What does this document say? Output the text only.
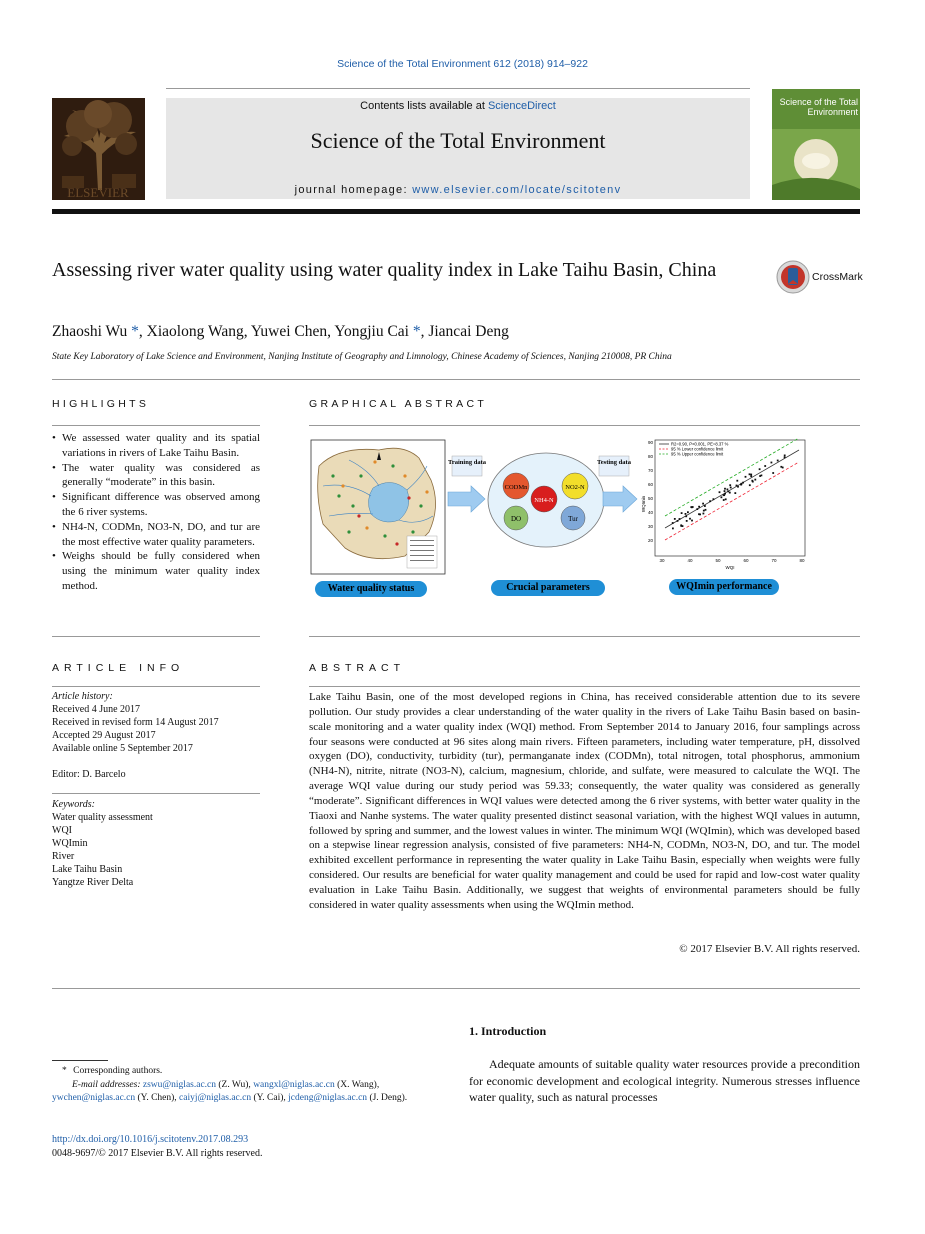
Science of the Total Environment 612 (2018) 914–922
ELSEVIER
Contents lists available at ScienceDirect
Science of the Total Environment
journal homepage: www.elsevier.com/locate/scitotenv
Science of the Total Environment
Assessing river water quality using water quality index in Lake Taihu Basin, China	CrossMark
Zhaoshi Wu *, Xiaolong Wang, Yuwei Chen, Yongjiu Cai *, Jiancai Deng
State Key Laboratory of Lake Science and Environment, Nanjing Institute of Geography and Limnology, Chinese Academy of Sciences, Nanjing 210008, PR China
HIGHLIGHTS
• We assessed water quality and its spatial variations in rivers of Lake Taihu Basin.
• The water quality was considered as generally “moderate” in this basin.
• Significant difference was observed among the 6 river systems.
• NH4-N, CODMn, NO3-N, DO, and tur are the most effective water quality parameters.
• Weighs should be fully considered when using the minimum water quality index method.
GRAPHICAL ABSTRACT
Training data
CODMn	NO2-N
NH4-N
DO	Tur
Testing data
R2=0.90, P<0.001, PE=8.37 %
95 % Lower confidence limit
95 % Upper confidence limit
30	40	50	60	70	80
WQI
90
80
70
60
50
40
30
20
WQImin
Water quality status	Crucial parameters	WQImin performance
ARTICLE INFO
Article history:
Received 4 June 2017
Received in revised form 14 August 2017
Accepted 29 August 2017
Available online 5 September 2017
Editor: D. Barcelo
Keywords:
Water quality assessment
WQI
WQImin
River
Lake Taihu Basin
Yangtze River Delta
ABSTRACT
Lake Taihu Basin, one of the most developed regions in China, has received considerable attention due to its severe pollution. Our study provides a clear understanding of the water quality in the rivers of Lake Taihu Basin based on basin-scale monitoring and a water quality index (WQI) method. From September 2014 to January 2016, four samplings across four seasons were conducted at 96 sites along main rivers. Fifteen parameters, including water temperature, pH, dissolved oxygen (DO), conductivity, turbidity (tur), permanganate index (CODMn), total nitrogen, total phosphorus, ammonium (NH4-N), nitrite, nitrate (NO3-N), calcium, magnesium, chloride, and sulfate, were measured to calculate the WQI. The average WQI value during our study period was 59.33; consequently, the water quality was considered as generally “moderate”. Significant differences in WQI values were detected among the 6 river systems, with better water quality in the Tiaoxi and Nanhe systems. The water quality presented distinct seasonal variation, with the highest WQI values in autumn, followed by spring and summer, and the lowest values in winter. The minimum WQI (WQImin), which was developed based on a stepwise linear regression analysis, consisted of five parameters: NH4-N, CODMn, NO3-N, DO, and tur. The model exhibited excellent performance in representing the water quality in Lake Taihu Basin, especially when weights were fully considered. Our results are beneficial for water quality management and could be used for rapid and low-cost water quality evaluation in Lake Taihu Basin. Additionally, we suggest that weights of environmental parameters should be fully considered in water quality assessments when using the WQImin method.
© 2017 Elsevier B.V. All rights reserved.
1. Introduction
Adequate amounts of suitable quality water resources provide a precondition for economic development and ecological integrity. Numerous stresses influence water quality, such as natural processes
* Corresponding authors.
E-mail addresses: zswu@niglas.ac.cn (Z. Wu), wangxl@niglas.ac.cn (X. Wang),
ywchen@niglas.ac.cn (Y. Chen), caiyj@niglas.ac.cn (Y. Cai), jcdeng@niglas.ac.cn (J. Deng).
http://dx.doi.org/10.1016/j.scitotenv.2017.08.293
0048-9697/© 2017 Elsevier B.V. All rights reserved.
